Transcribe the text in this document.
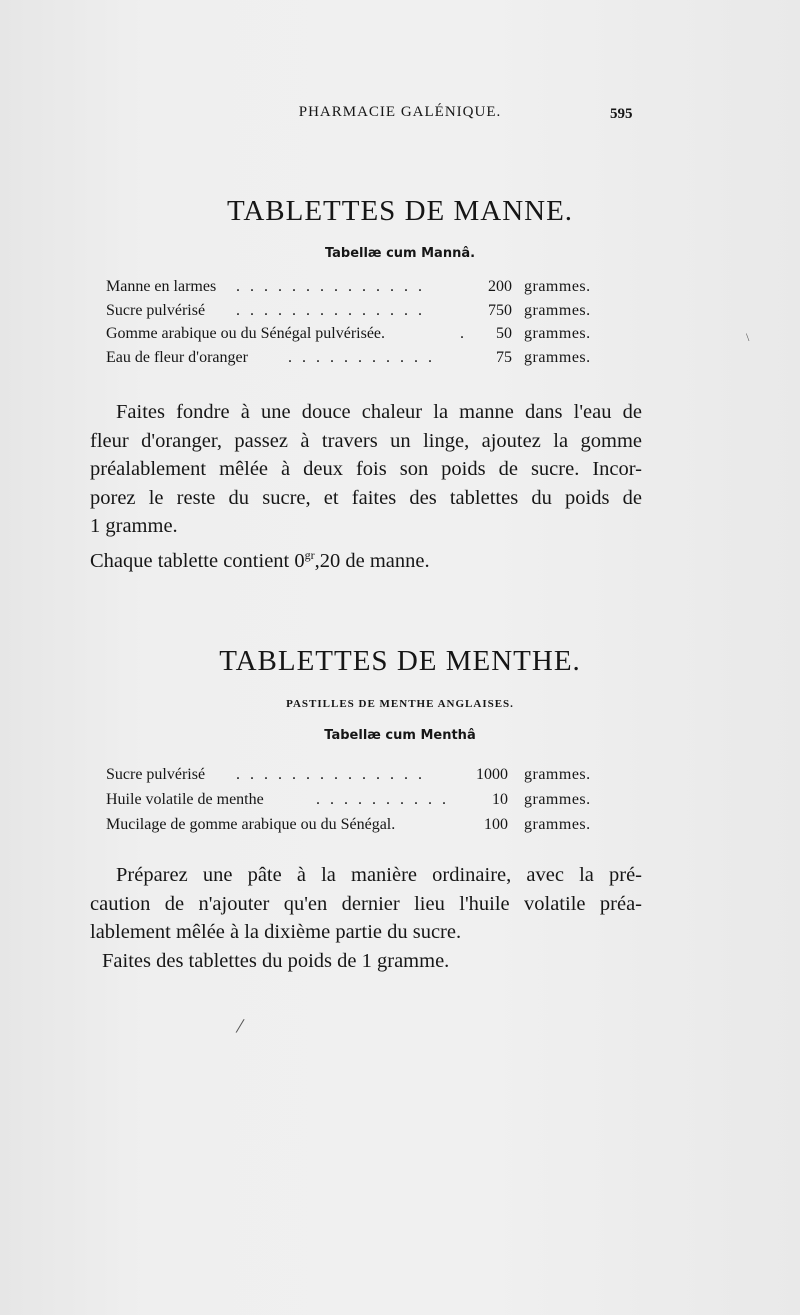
PHARMACIE GALÉNIQUE.	595
TABLETTES DE MANNE.
Tabellæ cum Mannâ.
Manne en larmes . . . . . . . . . . . . . .	200 grammes.
Sucre pulvérisé . . . . . . . . . . . . . .	750 grammes.
Gomme arabique ou du Sénégal pulvérisée.	. 50 grammes.
Eau de fleur d'oranger	. . . . . . . . . . .	75 grammes.
Faites fondre à une douce chaleur la manne dans l'eau de
fleur d'oranger, passez à travers un linge, ajoutez la gomme
préalablement mêlée à deux fois son poids de sucre. Incor-
porez le reste du sucre, et faites des tablettes du poids de
1 gramme.
Chaque tablette contient $0^{gr},20$ de manne.
TABLETTES DE MENTHE.
PASTILLES DE MENTHE ANGLAISES.
Tabellæ cum Menthâ
Sucre pulvérisé . . . . . . . . . . . . . .	1000 grammes.
Huile volatile de menthe	. . . . . . . . . .	10 grammes.
Mucilage de gomme arabique ou du Sénégal.	100 grammes.
Préparez une pâte à la manière ordinaire, avec la pré-
caution de n'ajouter qu'en dernier lieu l'huile volatile préa-
lablement mêlée à la dixième partie du sucre.
Faites des tablettes du poids de 1 gramme.
/
\
